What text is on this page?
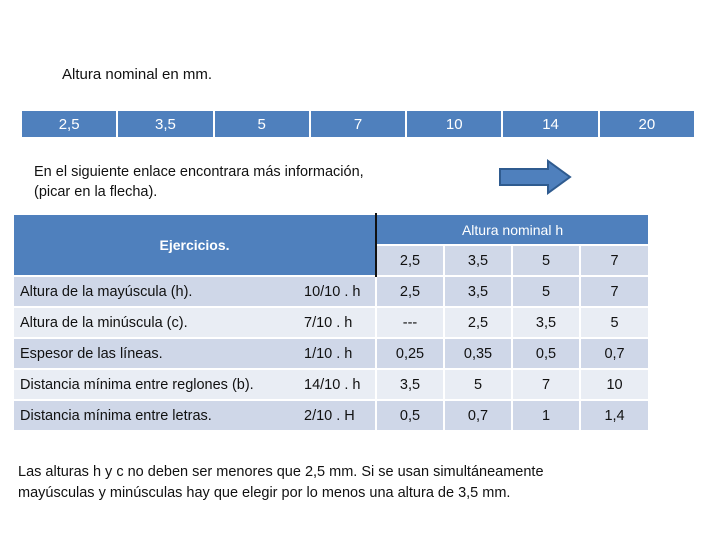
Altura nominal en mm.
2,5	3,5	5	7	10	14	20
En el siguiente enlace encontrara más información,
(picar en la flecha).
Ejercicios.		Altura nominal h			
		2,5	3,5	5	7
Altura de la mayúscula (h).	10/10 . h	2,5	3,5	5	7
Altura de la minúscula (c).	7/10 . h	---	2,5	3,5	5
Espesor de las líneas.	1/10 . h	0,25	0,35	0,5	0,7
Distancia mínima entre reglones (b).	14/10 . h	3,5	5	7	10
Distancia mínima entre letras.	2/10 . H	0,5	0,7	1	1,4
Las alturas h y c no deben ser menores que 2,5 mm. Si se usan simultáneamente
mayúsculas y minúsculas hay que elegir por lo menos una altura de 3,5 mm.
